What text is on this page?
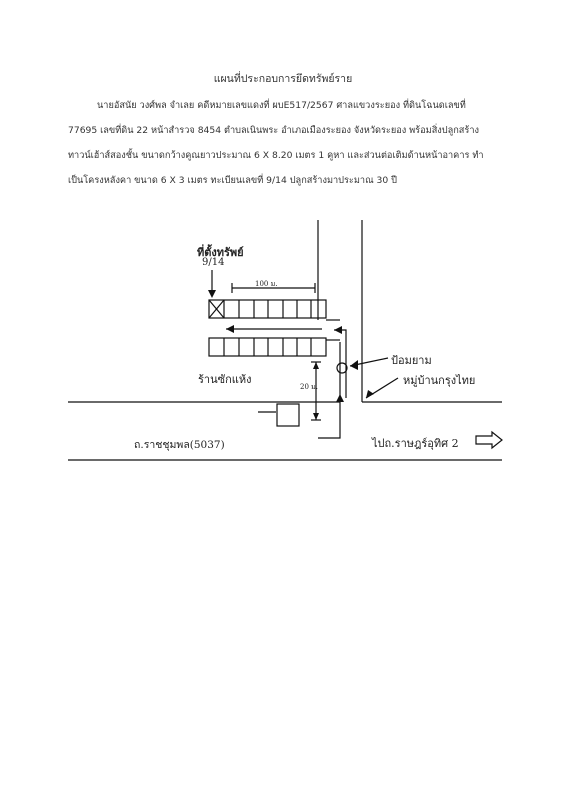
แผนที่ประกอบการยึดทรัพย์ราย
นายอัสนัย วงศ์พล จำเลย คดีหมายเลขแดงที่ ผบE517/2567 ศาลแขวงระยอง ที่ดินโฉนดเลขที่
77695 เลขที่ดิน 22 หน้าสำรวจ 8454 ตำบลเนินพระ อำเภอเมืองระยอง จังหวัดระยอง พร้อมสิ่งปลูกสร้าง
ทาวน์เฮ้าส์สองชั้น ขนาดกว้างคูณยาวประมาณ 6 X 8.20 เมตร 1 คูหา และส่วนต่อเติมด้านหน้าอาคาร ทำ
เป็นโครงหลังคา ขนาด 6 X 3 เมตร ทะเบียนเลขที่ 9/14 ปลูกสร้างมาประมาณ 30 ปี
ที่ตั้งทรัพย์
9/14
100 ม.
20 ม.
ป้อมยาม
หมู่บ้านกรุงไทย
ร้านซักแห้ง
ถ.ราชชุมพล(5037)	ไปถ.ราษฎร์อุทิศ 2
